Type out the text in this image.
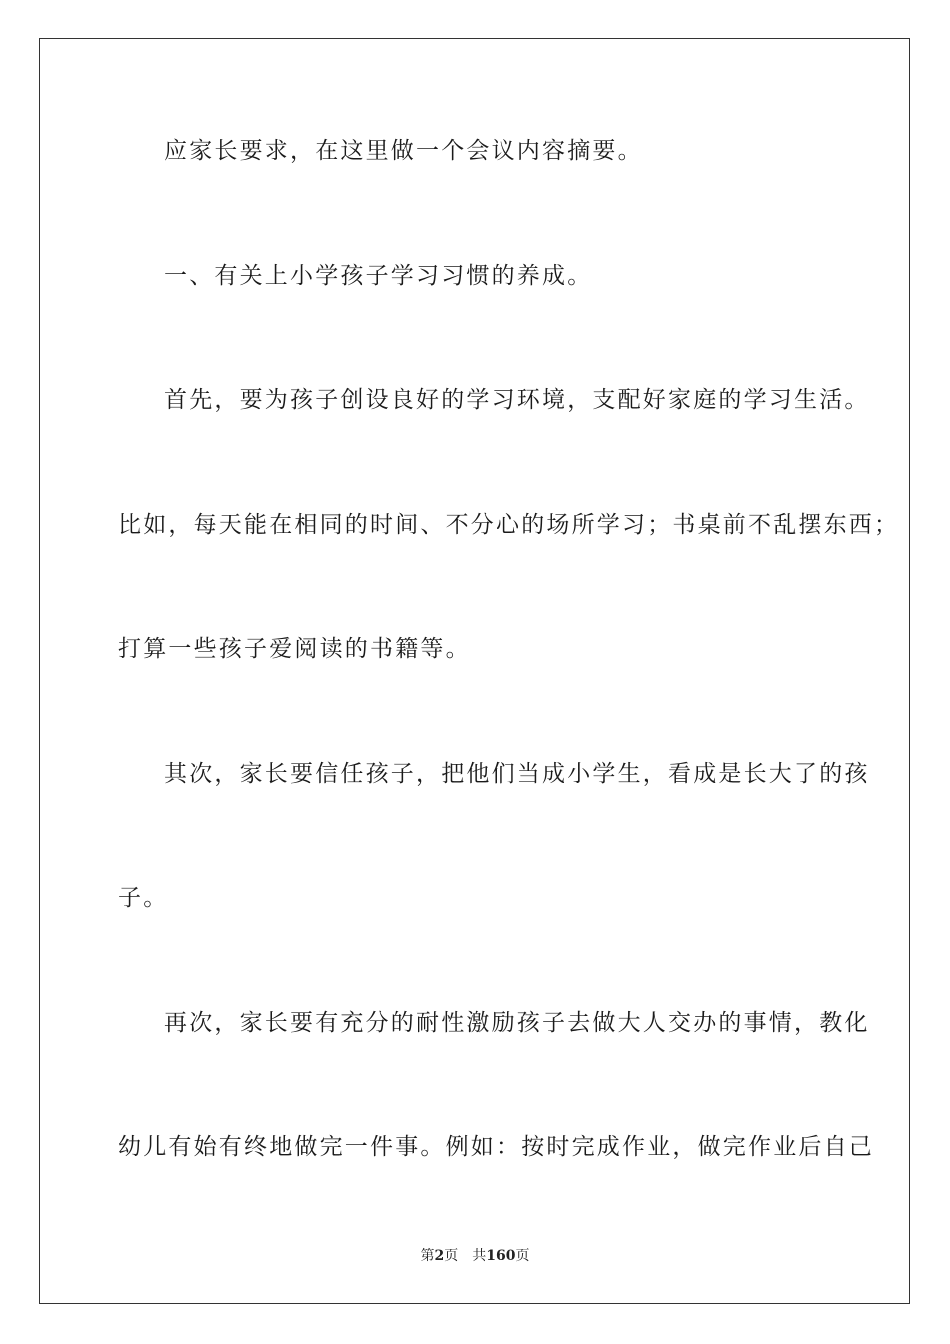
应家长要求，在这里做一个会议内容摘要。
一、有关上小学孩子学习习惯的养成。
首先，要为孩子创设良好的学习环境，支配好家庭的学习生活。
比如，每天能在相同的时间、不分心的场所学习；书桌前不乱摆东西；
打算一些孩子爱阅读的书籍等。
其次，家长要信任孩子，把他们当成小学生，看成是长大了的孩
子。
再次，家长要有充分的耐性激励孩子去做大人交办的事情，教化
幼儿有始有终地做完一件事。例如：按时完成作业，做完作业后自己
第2页 共160页
